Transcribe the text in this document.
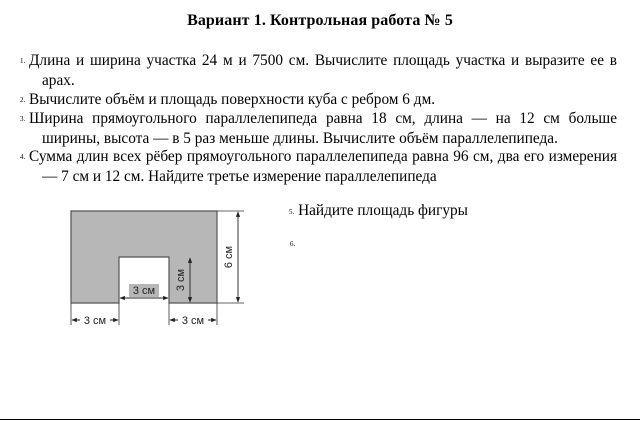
Вариант 1. Контрольная работа № 5
1. Длина и ширина участка 24 м и 7500 см. Вычислите площадь участка и выразите ее в арах.
2. Вычислите объём и площадь поверхности куба с ребром 6 дм.
3. Ширина прямоугольного параллелепипеда равна 18 см, длина — на 12 см больше ширины, высота — в 5 раз меньше длины. Вычислите объём параллелепипеда.
4. Сумма длин всех рёбер прямоугольного параллелепипеда равна 96 см, два его измерения — 7 см и 12 см. Найдите третье измерение параллелепипеда
5. Найдите площадь фигуры
6.
3 см	3 см
3 см 3 см
6 см
